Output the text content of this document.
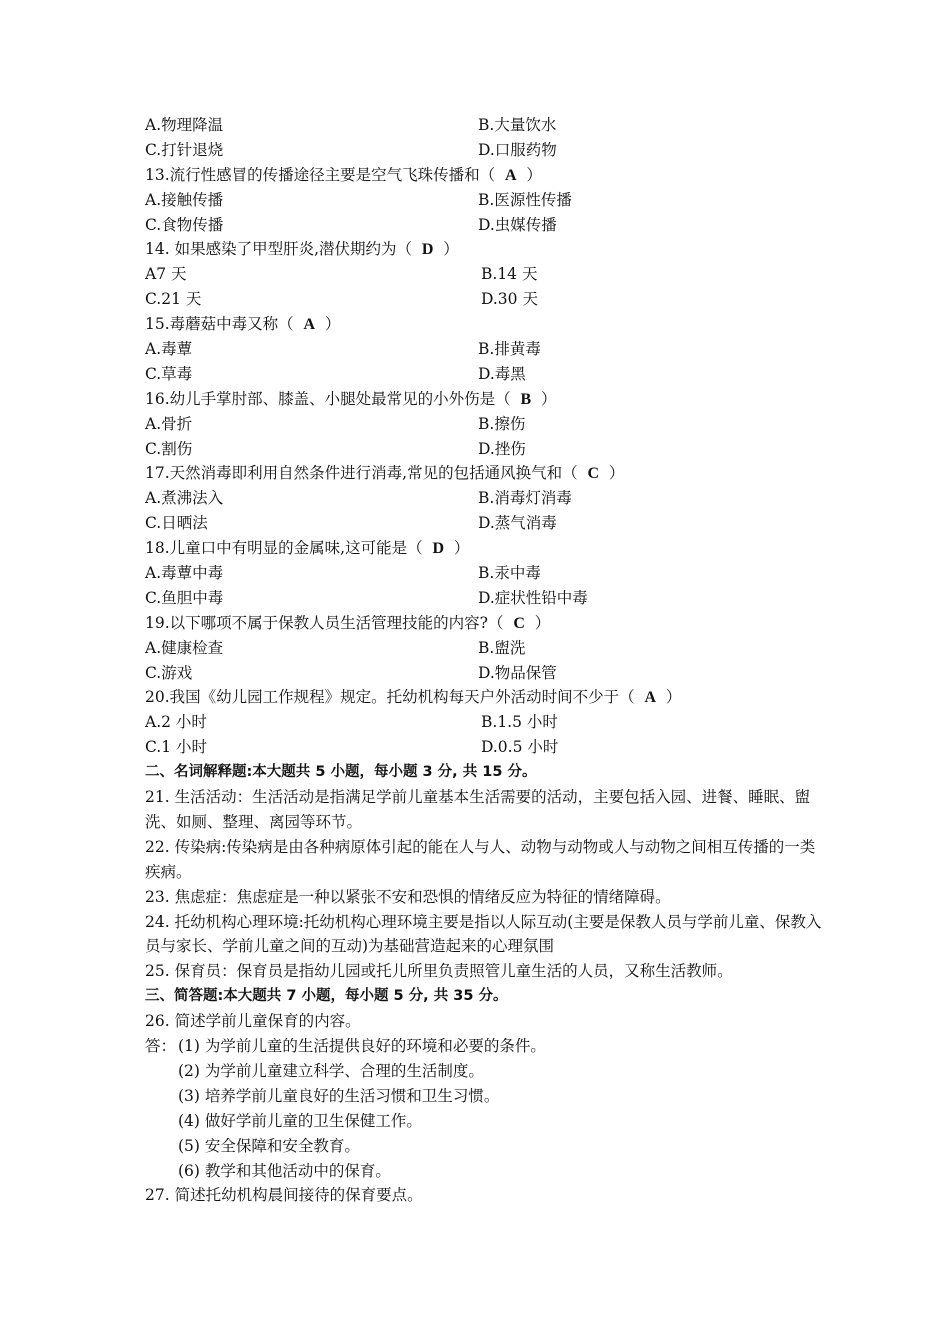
A.物理降温	B.大量饮水
C.打针退烧	D.口服药物
13.流行性感冒的传播途径主要是空气飞珠传播和（  A  ）
A.接触传播	B.医源性传播
C.食物传播	D.虫媒传播
14. 如果感染了甲型肝炎,潜伏期约为（  D  ）
A7 天	B.14 天
C.21 天	D.30 天
15.毒蘑菇中毒又称（  A  ）
A.毒蕈	B.排黄毒
C.草毒	D.毒黑
16.幼儿手掌肘部、膝盖、小腿处最常见的小外伤是（  B  ）
A.骨折	B.擦伤
C.割伤	D.挫伤
17.天然消毒即利用自然条件进行消毒,常见的包括通风换气和（  C  ）
A.煮沸法入	B.消毒灯消毒
C.日晒法	D.蒸气消毒
18.儿童口中有明显的金属味,这可能是（  D  ）
A.毒蕈中毒	B.汞中毒
C.鱼胆中毒	D.症状性铅中毒
19.以下哪项不属于保教人员生活管理技能的内容?（  C  ）
A.健康检查	B.盥洗
C.游戏	D.物品保管
20.我国《幼儿园工作规程》规定。托幼机构每天户外活动时间不少于（  A  ）
A.2 小时	B.1.5 小时
C.1 小时	D.0.5 小时
二、名词解释题:本大题共 5 小题，每小题 3 分, 共 15 分。
21. 生活活动：生活活动是指满足学前儿童基本生活需要的活动，主要包括入园、进餐、睡眠、盥洗、如厕、整理、离园等环节。
22. 传染病:传染病是由各种病原体引起的能在人与人、动物与动物或人与动物之间相互传播的一类疾病。
23. 焦虑症：焦虑症是一种以紧张不安和恐惧的情绪反应为特征的情绪障碍。
24. 托幼机构心理环境:托幼机构心理环境主要是指以人际互动(主要是保教人员与学前儿童、保教入员与家长、学前儿童之间的互动)为基础营造起来的心理氛围
25. 保育员：保育员是指幼儿园或托儿所里负责照管儿童生活的人员，又称生活教师。
三、简答题:本大题共 7 小题，每小题 5 分, 共 35 分。
26. 简述学前儿童保育的内容。
答： (1) 为学前儿童的生活提供良好的环境和必要的条件。
(2) 为学前儿童建立科学、合理的生活制度。
(3) 培养学前儿童良好的生活习惯和卫生习惯。
(4) 做好学前儿童的卫生保健工作。
(5) 安全保障和安全教育。
(6) 教学和其他活动中的保育。
27. 简述托幼机构晨间接待的保育要点。
